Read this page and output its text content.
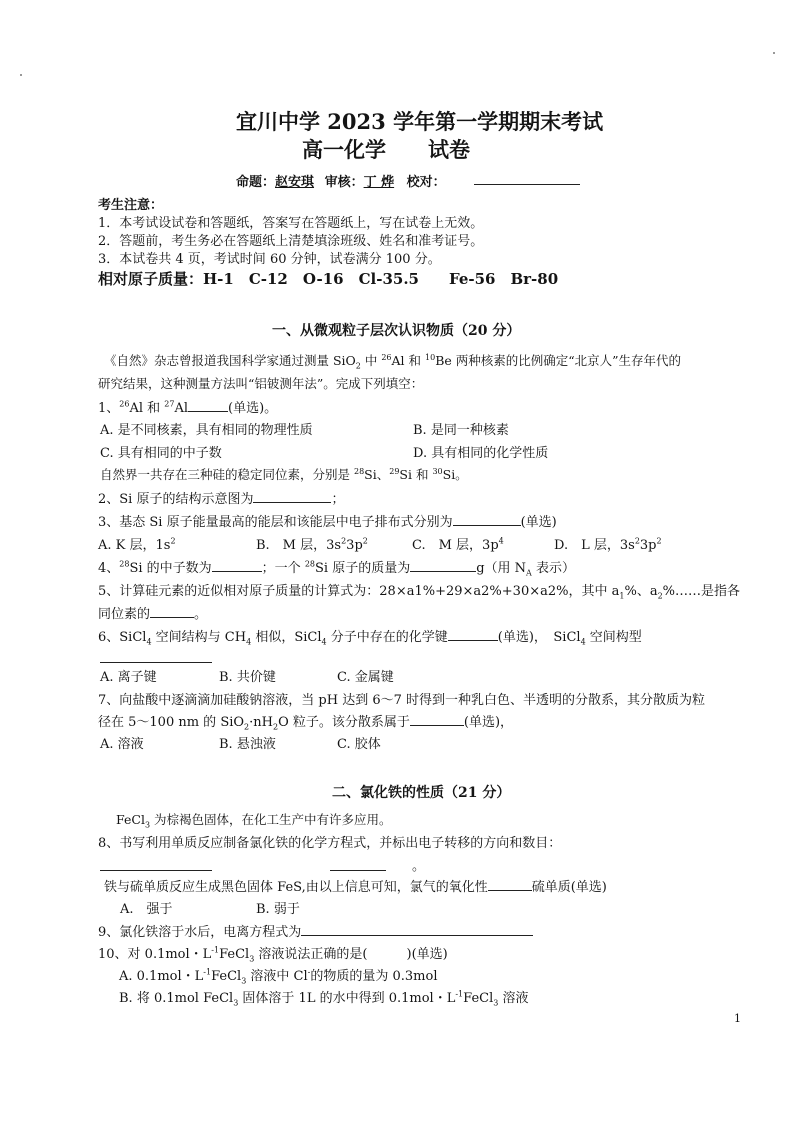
宜川中学 2023 学年第一学期期末考试
高一化学　　试卷
命题：赵安琪 审核：丁 烨 校对：
考生注意：
1．本考试设试卷和答题纸，答案写在答题纸上，写在试卷上无效。
2．答题前，考生务必在答题纸上清楚填涂班级、姓名和准考证号。
3．本试卷共 4 页，考试时间 60 分钟，试卷满分 100 分。
相对原子质量：H-1　C-12　O-16　Cl-35.5　　Fe-56　Br-80
一、从微观粒子层次认识物质（20 分）
《自然》杂志曾报道我国科学家通过测量 SiO$_2$ 中 $^{26}$Al 和 $^{10}$Be 两种核素的比例确定“北京人”生存年代的
研究结果，这种测量方法叫“铝铍测年法”。完成下列填空：
1、$^{26}$Al 和 $^{27}$Al	(单选)。
A. 是不同核素，具有相同的物理性质	B. 是同一种核素
C. 具有相同的中子数	D. 具有相同的化学性质
自然界一共存在三种硅的稳定同位素，分别是 $^{28}$Si、$^{29}$Si 和 $^{30}$Si。
2、Si 原子的结构示意图为	；
3、基态 Si 原子能量最高的能层和该能层中电子排布式分别为	(单选)
A. K 层，$1s^2$	B.　M 层，$3s^23p^2$	C.　M 层，$3p^4$	D.　L 层，$3s^23p^2$
4、$^{28}$Si 的中子数为	；一个 $^{28}$Si 原子的质量为	g（用 $N_A$ 表示）
5、计算硅元素的近似相对原子质量的计算式为：28×a1%+29×a2%+30×a2%，其中 $a_1\%$、$a_2\%\dots\dots$是指各
同位素的	。
6、SiCl$_4$ 空间结构与 $CH_4$ 相似，SiCl$_4$ 分子中存在的化学键	(单选)，　SiCl$_4$ 空间构型
A. 离子键	B. 共价键	C. 金属键
7、向盐酸中逐滴滴加硅酸钠溶液，当 pH 达到 6～7 时得到一种乳白色、半透明的分散系，其分散质为粒
径在 5～100 nm 的 $SiO_2\cdot nH_2O$ 粒子。该分散系属于	(单选)，
A. 溶液	B. 悬浊液	C. 胶体
二、氯化铁的性质（21 分）
FeCl$_3$ 为棕褐色固体，在化工生产中有许多应用。
8、书写利用单质反应制备氯化铁的化学方程式，并标出电子转移的方向和数目：
。
铁与硫单质反应生成黑色固体 FeS,由以上信息可知，氯气的氧化性	硫单质(单选)
A.　强于	B. 弱于
9、氯化铁溶于水后，电离方程式为
10、对 0.1mol・$L^{-1}FeCl_3$ 溶液说法正确的是(　　　)(单选)
A. 0.1mol・$L^{-1}FeCl_3$ 溶液中 Cl-的物质的量为 0.3mol
B. 将 0.1mol FeCl$_3$ 固体溶于 1L 的水中得到 0.1mol・$L^{-1}FeCl_3$ 溶液
1
